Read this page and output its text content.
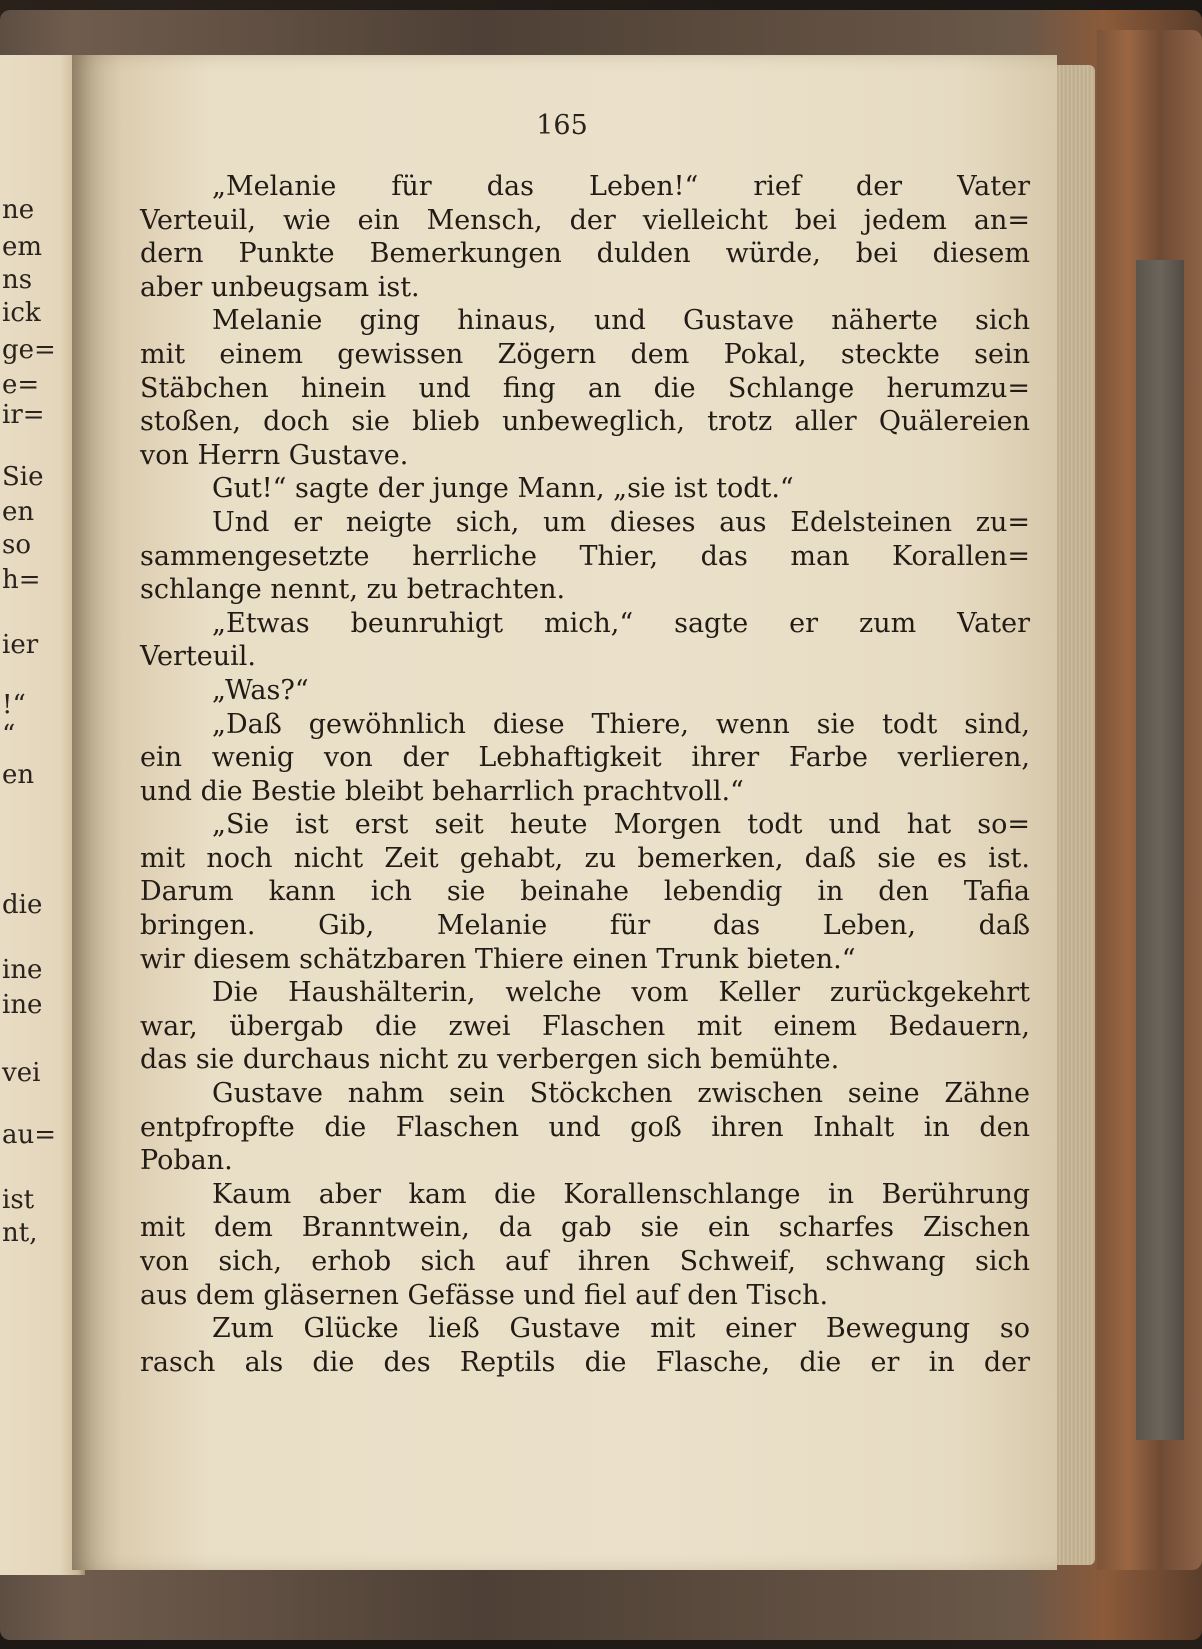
ne
em
ns
ick
ge=
e=
ir=
Sie
en
so
h=
ier
!“
“
en
die
ine
ine
vei
au=
ist
nt,
165
„Melanie für das Leben!“ rief der Vater
Verteuil, wie ein Mensch, der vielleicht bei jedem an=
dern Punkte Bemerkungen dulden würde, bei diesem
aber unbeugsam ist.
Melanie ging hinaus, und Gustave näherte sich
mit einem gewissen Zögern dem Pokal, steckte sein
Stäbchen hinein und fing an die Schlange herumzu=
stoßen, doch sie blieb unbeweglich, trotz aller Quälereien
von Herrn Gustave.
Gut!“ sagte der junge Mann, „sie ist todt.“
Und er neigte sich, um dieses aus Edelsteinen zu=
sammengesetzte herrliche Thier, das man Korallen=
schlange nennt, zu betrachten.
„Etwas beunruhigt mich,“ sagte er zum Vater
Verteuil.
„Was?“
„Daß gewöhnlich diese Thiere, wenn sie todt sind,
ein wenig von der Lebhaftigkeit ihrer Farbe verlieren,
und die Bestie bleibt beharrlich prachtvoll.“
„Sie ist erst seit heute Morgen todt und hat so=
mit noch nicht Zeit gehabt, zu bemerken, daß sie es ist.
Darum kann ich sie beinahe lebendig in den Tafia
bringen. Gib, Melanie für das Leben, daß
wir diesem schätzbaren Thiere einen Trunk bieten.“
Die Haushälterin, welche vom Keller zurückgekehrt
war, übergab die zwei Flaschen mit einem Bedauern,
das sie durchaus nicht zu verbergen sich bemühte.
Gustave nahm sein Stöckchen zwischen seine Zähne
entpfropfte die Flaschen und goß ihren Inhalt in den
Poban.
Kaum aber kam die Korallenschlange in Berührung
mit dem Branntwein, da gab sie ein scharfes Zischen
von sich, erhob sich auf ihren Schweif, schwang sich
aus dem gläsernen Gefässe und fiel auf den Tisch.
Zum Glücke ließ Gustave mit einer Bewegung so
rasch als die des Reptils die Flasche, die er in der
